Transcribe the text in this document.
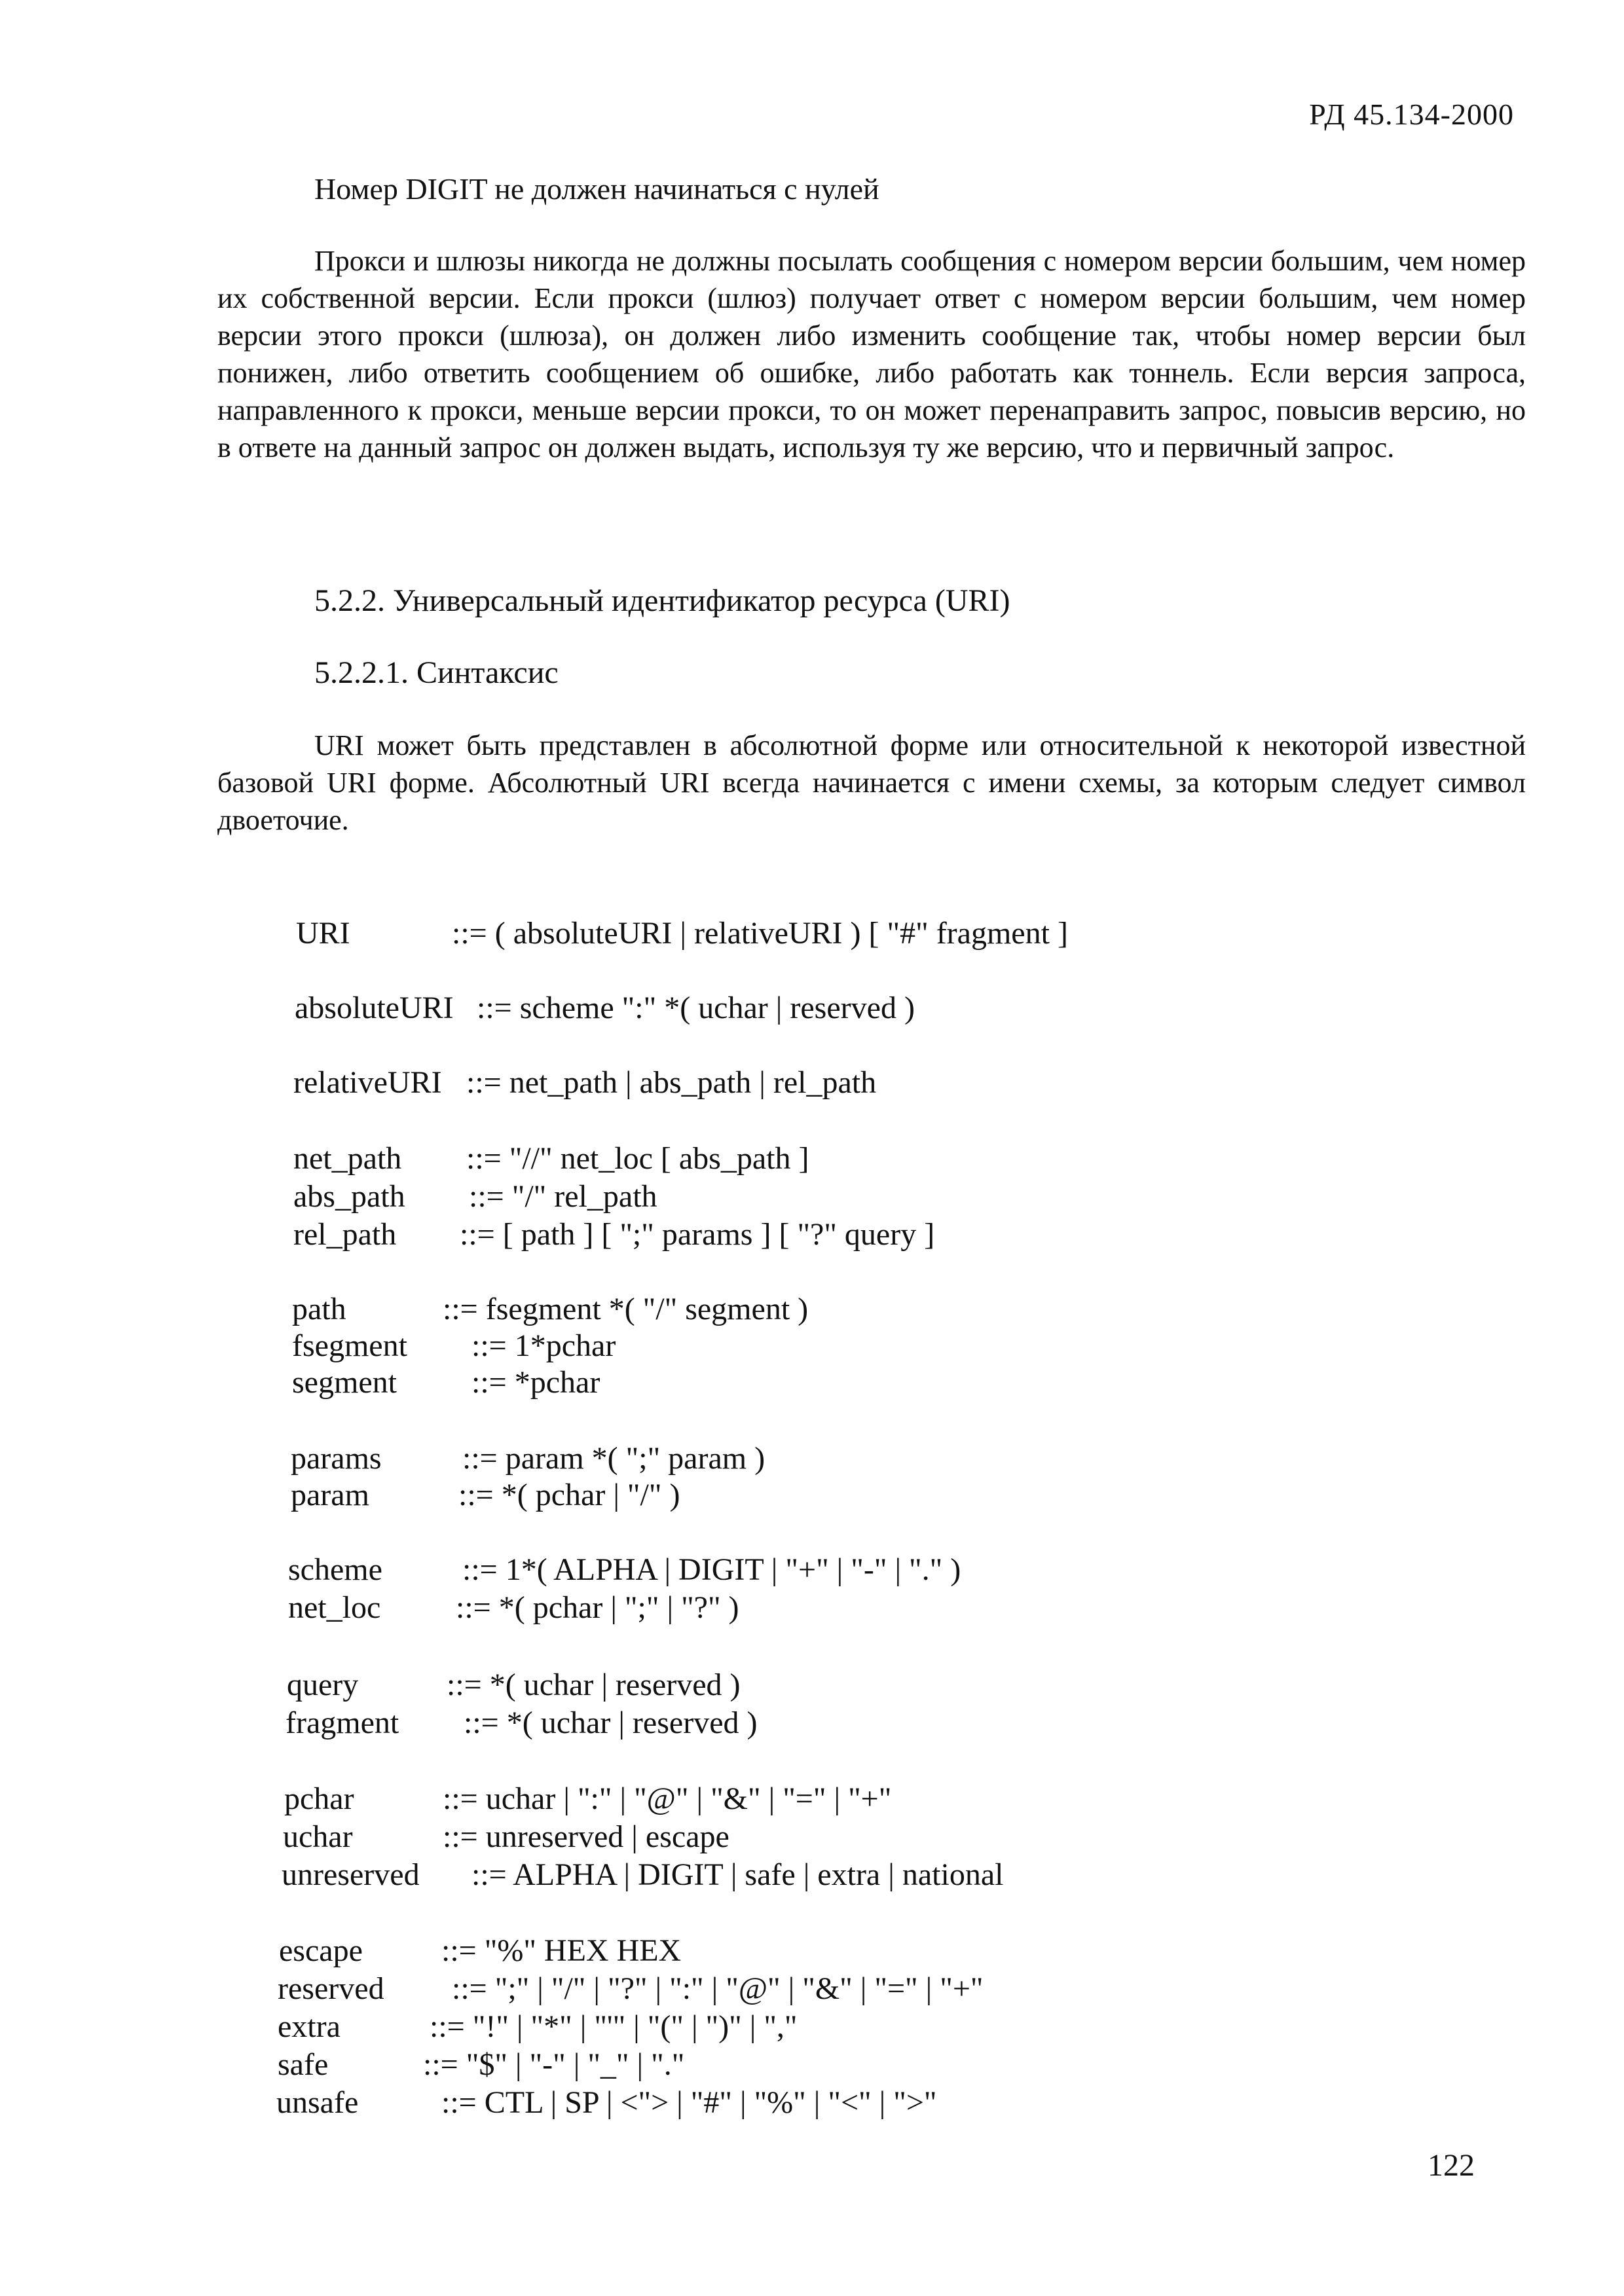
РД 45.134-2000
Номер DIGIT не должен начинаться с нулей
Прокси и шлюзы никогда не должны посылать сообщения с номером версии большим, чем номер их собственной версии. Если прокси (шлюз) получает ответ с номером версии большим, чем номер версии этого прокси (шлюза), он должен либо изменить сообщение так, чтобы номер версии был понижен, либо ответить сообщением об ошибке, либо работать как тоннель. Если версия запроса, направленного к прокси, меньше версии прокси, то он может перенаправить запрос, повысив версию, но в ответе на данный запрос он должен выдать, используя ту же версию, что и первичный запрос.
5.2.2. Универсальный идентификатор ресурса (URI)
5.2.2.1. Синтаксис
URI может быть представлен в абсолютной форме или относительной к некоторой известной базовой URI форме. Абсолютный URI всегда начинается с имени схемы, за которым следует символ двоеточие.
URI	::= ( absoluteURI | relativeURI ) [ "#" fragment ]
absoluteURI ::= scheme ":" *( uchar | reserved )
relativeURI ::= net_path | abs_path | rel_path
net_path ::= "//" net_loc [ abs_path ]
abs_path ::= "/" rel_path
rel_path ::= [ path ] [ ";" params ] [ "?" query ]
path	::= fsegment *( "/" segment )
fsegment ::= 1*pchar
segment ::= *pchar
params	::= param *( ";" param )
param	::= *( pchar | "/" )
scheme	::= 1*( ALPHA | DIGIT | "+" | "-" | "." )
net_loc ::= *( pchar | ";" | "?" )
query	::= *( uchar | reserved )
fragment ::= *( uchar | reserved )
pchar	::= uchar | ":" | "@" | "&" | "=" | "+"
uchar	::= unreserved | escape
unreserved ::= ALPHA | DIGIT | safe | extra | national
escape	::= "%" HEX HEX
reserved ::= ";" | "/" | "?" | ":" | "@" | "&" | "=" | "+"
extra	::= "!" | "*" | "'" | "(" | ")" | ","
safe	::= "$" | "-" | "_" | "."
unsafe	::= CTL | SP | <"> | "#" | "%" | "<" | ">"
122
